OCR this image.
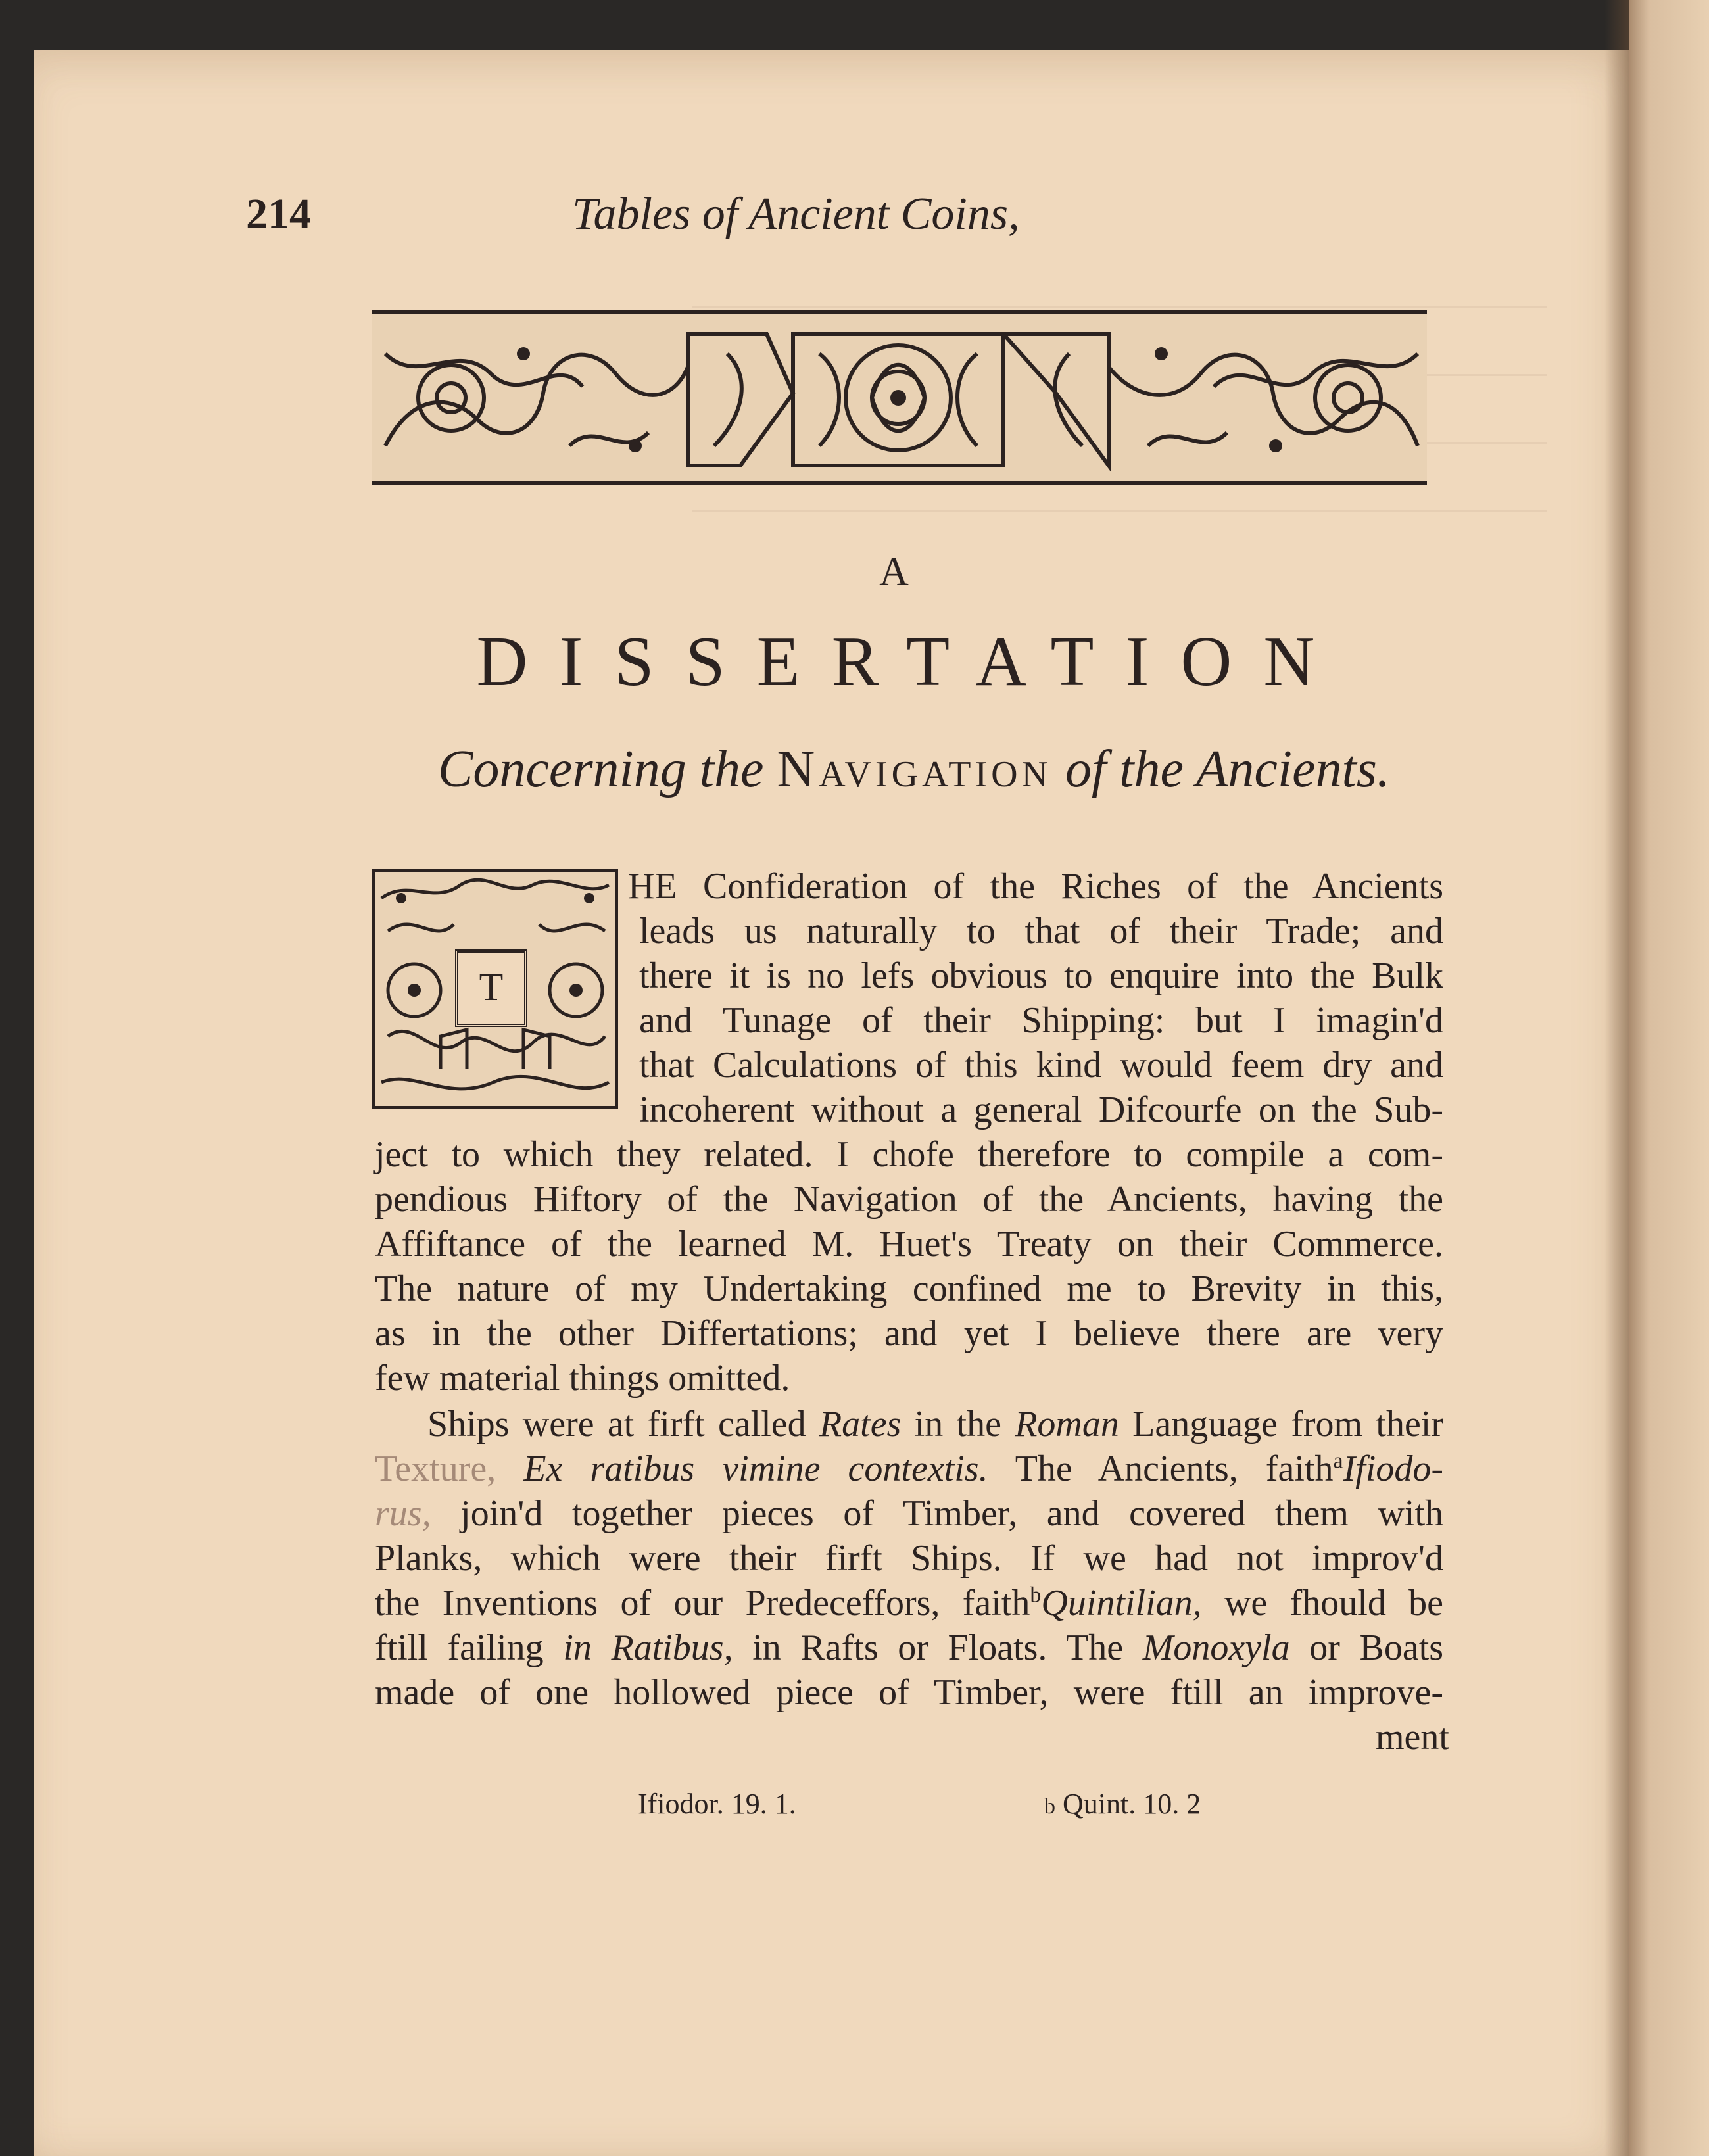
214	Tables of Ancient Coins,
A
DISSERTATION
Concerning the Navigation of the Ancients.
T
HE Confideration of the Riches of the Ancients
leads us naturally to that of their Trade; and
there it is no lefs obvious to enquire into the Bulk
and Tunage of their Shipping: but I imagin'd
that Calculations of this kind would feem dry and
incoherent without a general Difcourfe on the Sub-
ject to which they related. I chofe therefore to compile a com-
pendious Hiftory of the Navigation of the Ancients, having the
Affiftance of the learned M. Huet's Treaty on their Commerce.
The nature of my Undertaking confined me to Brevity in this,
as in the other Differtations; and yet I believe there are very
few material things omitted.
Ships were at firft called Rates in the Roman Language from their
Texture, Ex ratibus vimine contextis. The Ancients, faith$^a$Ifiodo-
rus, join'd together pieces of Timber, and covered them with
Planks, which were their firft Ships. If we had not improv'd
the Inventions of our Predeceffors, faith$^b$Quintilian, we fhould be
ftill failing in Ratibus, in Rafts or Floats. The Monoxyla or Boats
made of one hollowed piece of Timber, were ftill an improve-
ment
Ifiodor. 19. 1.	b Quint. 10. 2
